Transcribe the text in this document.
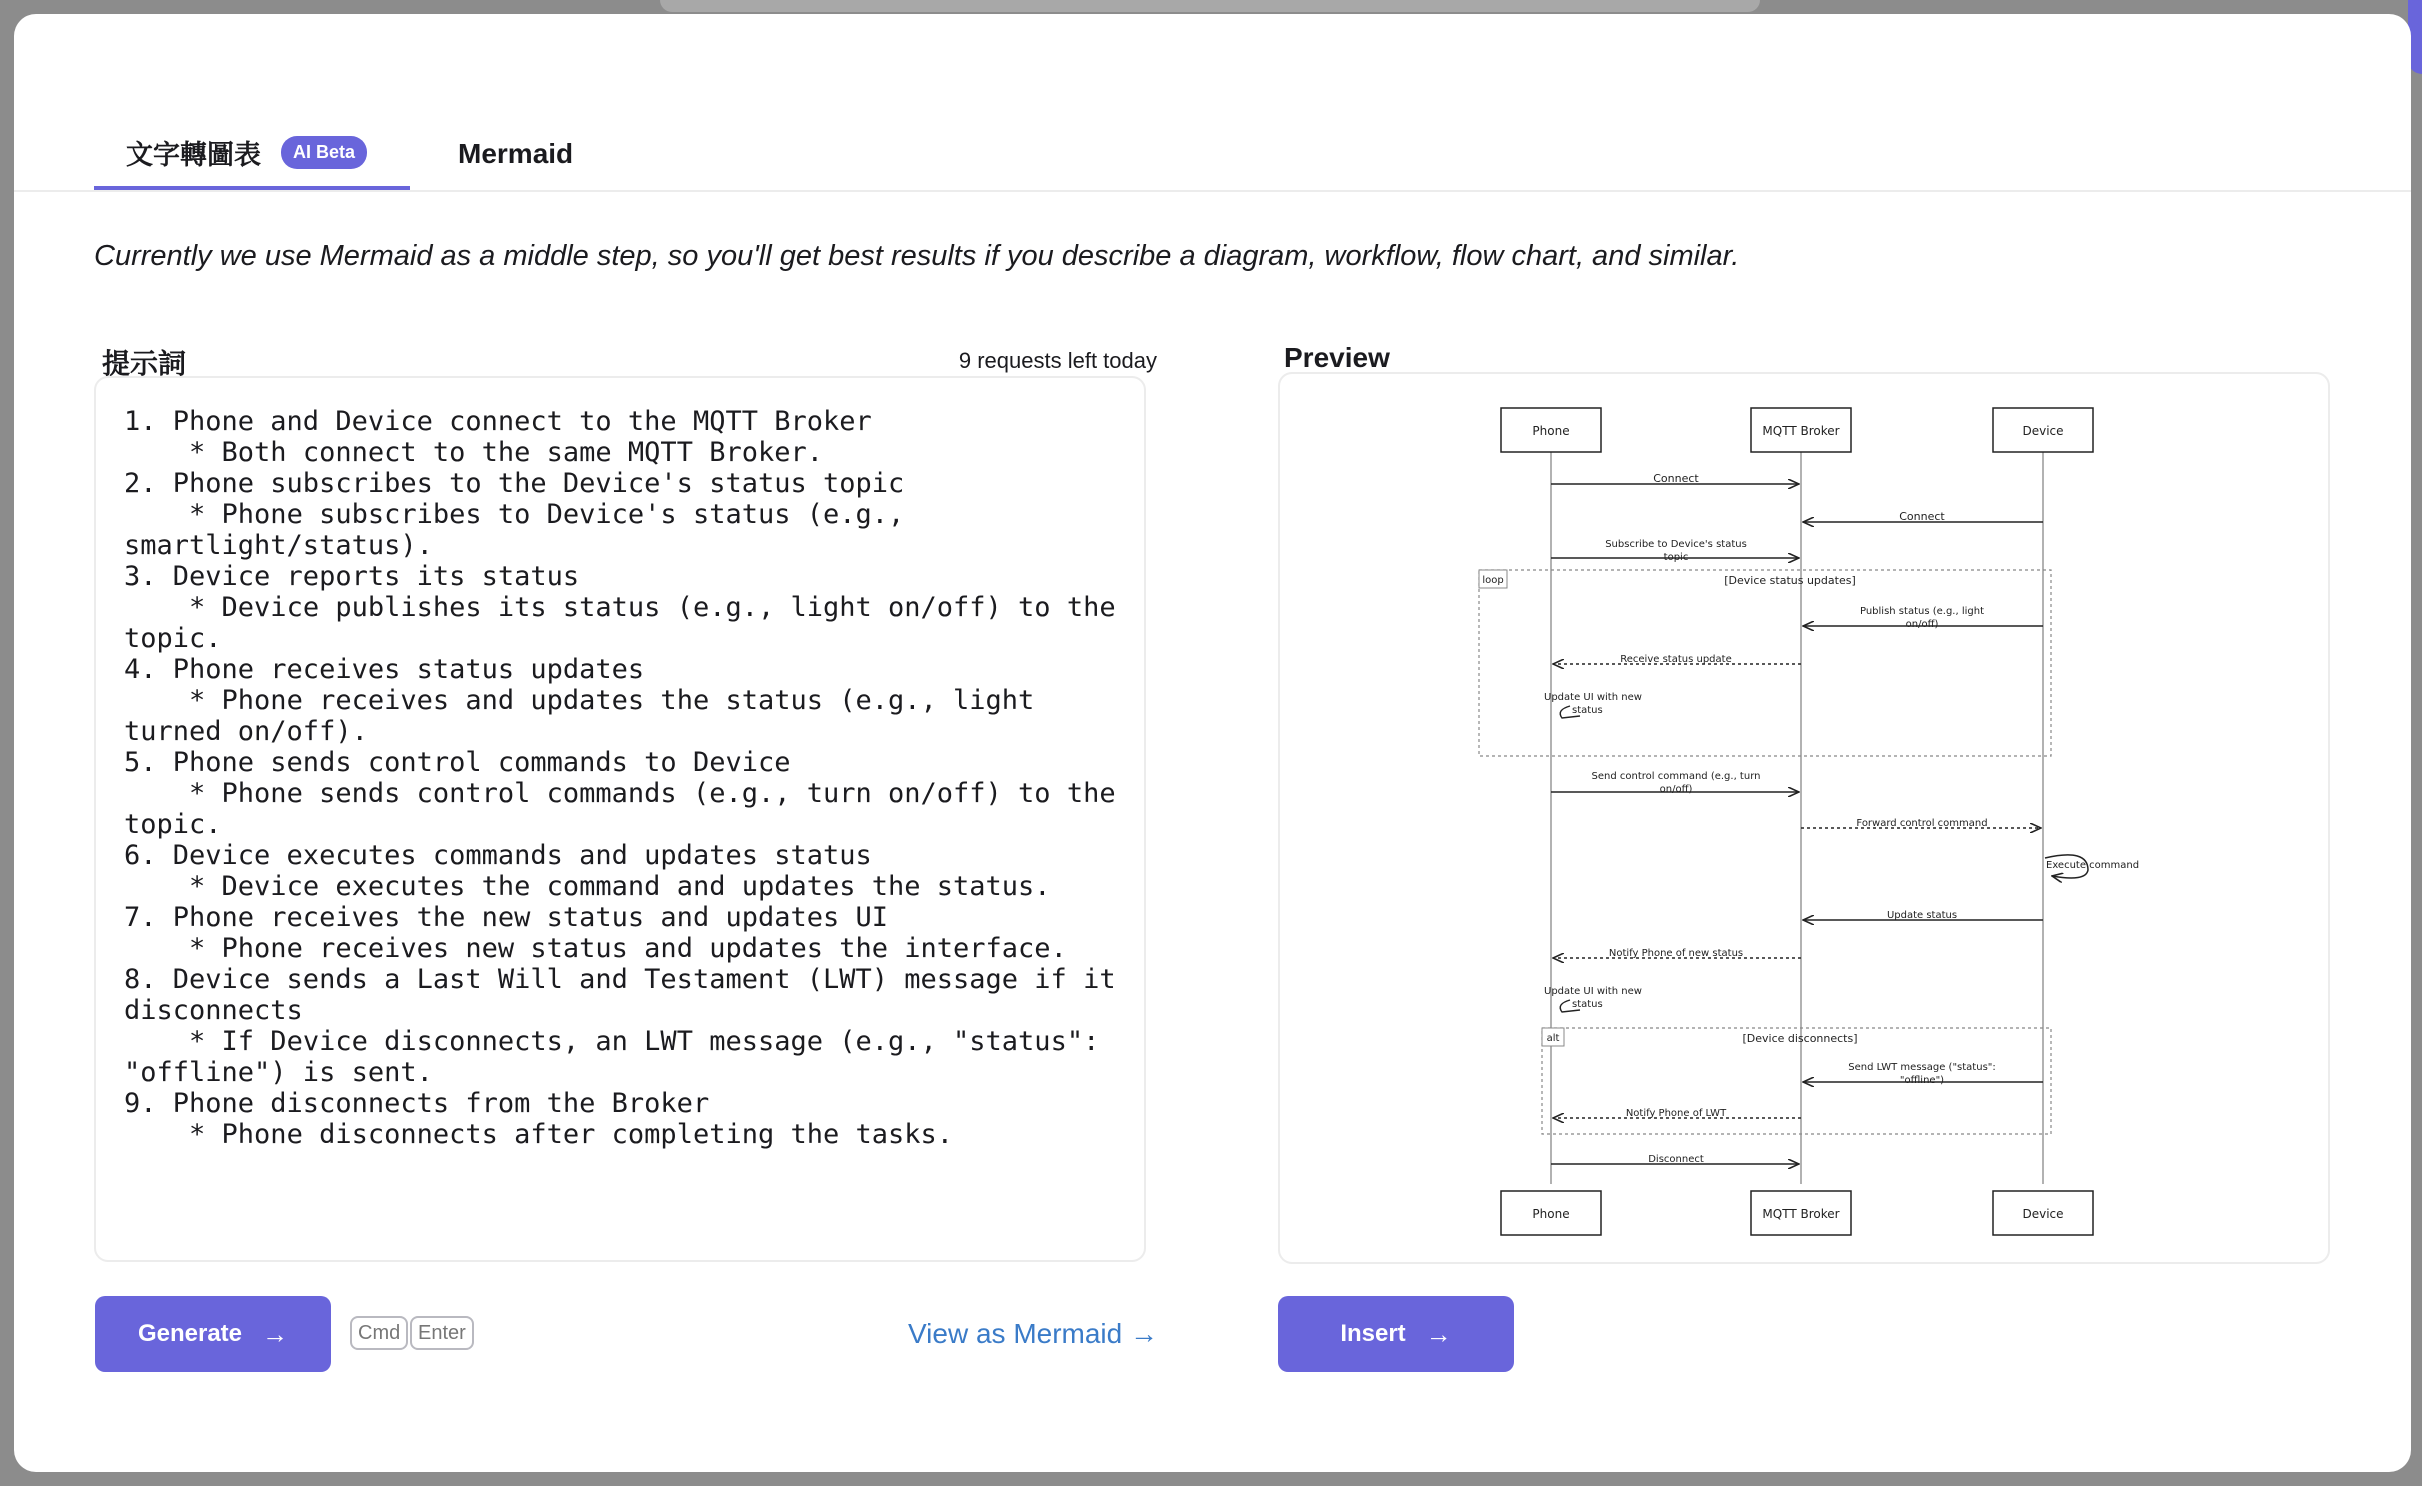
文字轉圖表	AI Beta	Mermaid
Currently we use Mermaid as a middle step, so you'll get best results if you describe a diagram, workflow, flow chart, and similar.
提示詞	9 requests left today	Preview
1. Phone and Device connect to the MQTT Broker
* Both connect to the same MQTT Broker.
2. Phone subscribes to the Device's status topic
* Phone subscribes to Device's status (e.g.,
smartlight/status).
3. Device reports its status
* Device publishes its status (e.g., light on/off) to the
topic.
4. Phone receives status updates
* Phone receives and updates the status (e.g., light
turned on/off).
5. Phone sends control commands to Device
* Phone sends control commands (e.g., turn on/off) to the
topic.
6. Device executes commands and updates status
* Device executes the command and updates the status.
7. Phone receives the new status and updates UI
* Phone receives new status and updates the interface.
8. Device sends a Last Will and Testament (LWT) message if it
disconnects
* If Device disconnects, an LWT message (e.g., "status":
"offline") is sent.
9. Phone disconnects from the Broker
* Phone disconnects after completing the tasks.
Phone	MQTT Broker	Device
loop	[Device status updates]
alt	[Device disconnects]
Connect
Connect
Subscribe to Device's status
topic
Publish status (e.g., light
on/off)
Receive status update
Update UI with new
status
Send control command (e.g., turn
on/off)
Forward control command
Execute command
Update status
Notify Phone of new status
Update UI with new
status
Send LWT message ("status":
"offline")
Notify Phone of LWT
Disconnect
Phone	MQTT Broker	Device
Generate →	Cmd Enter	View as Mermaid →	Insert →
